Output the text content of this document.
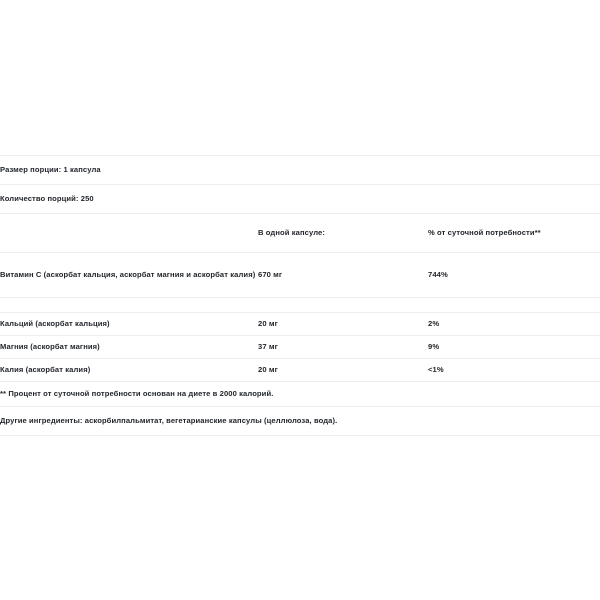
Размер порции: 1 капсула		
Количество порций: 250		
	В одной капсуле:	% от суточной потребности**
Витамин C (аскорбат кальция, аскорбат магния и аскорбат калия)	670 мг	744%

Кальций (аскорбат кальция)	20 мг	2%
Магния (аскорбат магния)	37 мг	9%
Калия (аскорбат калия)	20 мг	<1%
** Процент от суточной потребности основан на диете в 2000 калорий.		
Другие ингредиенты: аскорбилпальмитат, вегетарианские капсулы (целлюлоза, вода).		
